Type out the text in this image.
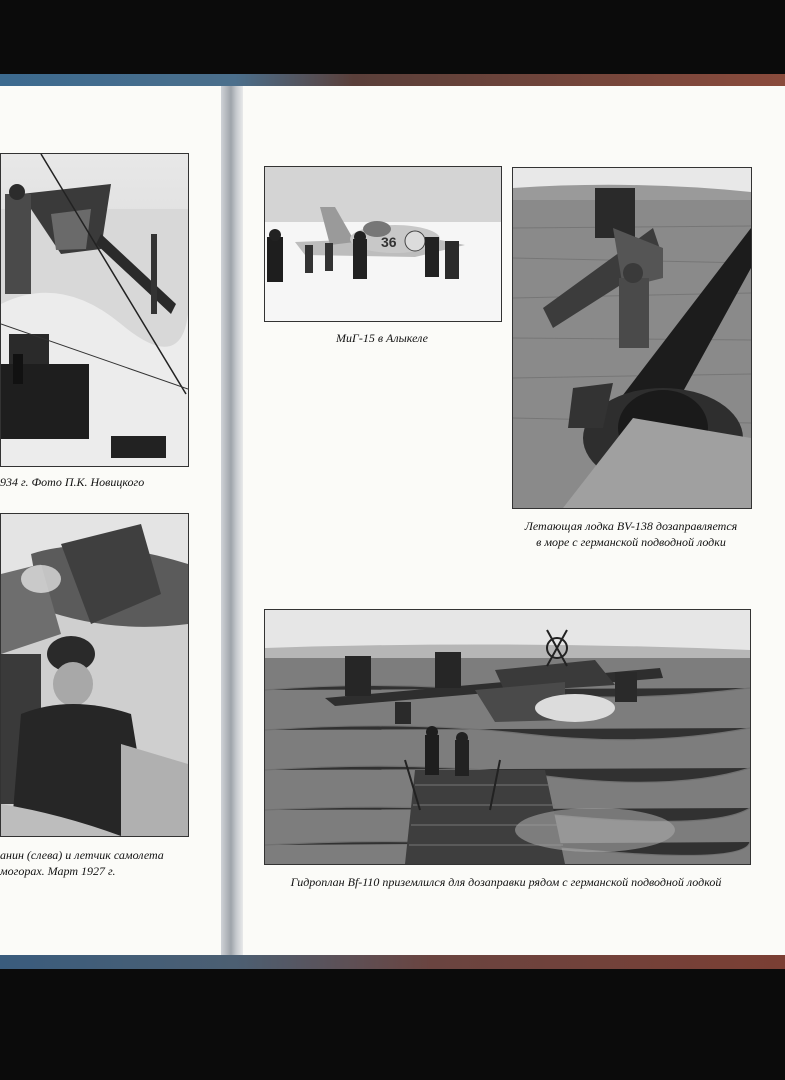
934 г. Фото П.К. Новицкого
анин (слева) и летчик самолета
могорах. Март 1927 г.
36
МиГ-15 в Алыкеле
Летающая лодка BV-138 дозаправляется
в море с германской подводной лодки
Гидроплан Bf-110 приземлился для дозаправки рядом с германской подводной лодкой
